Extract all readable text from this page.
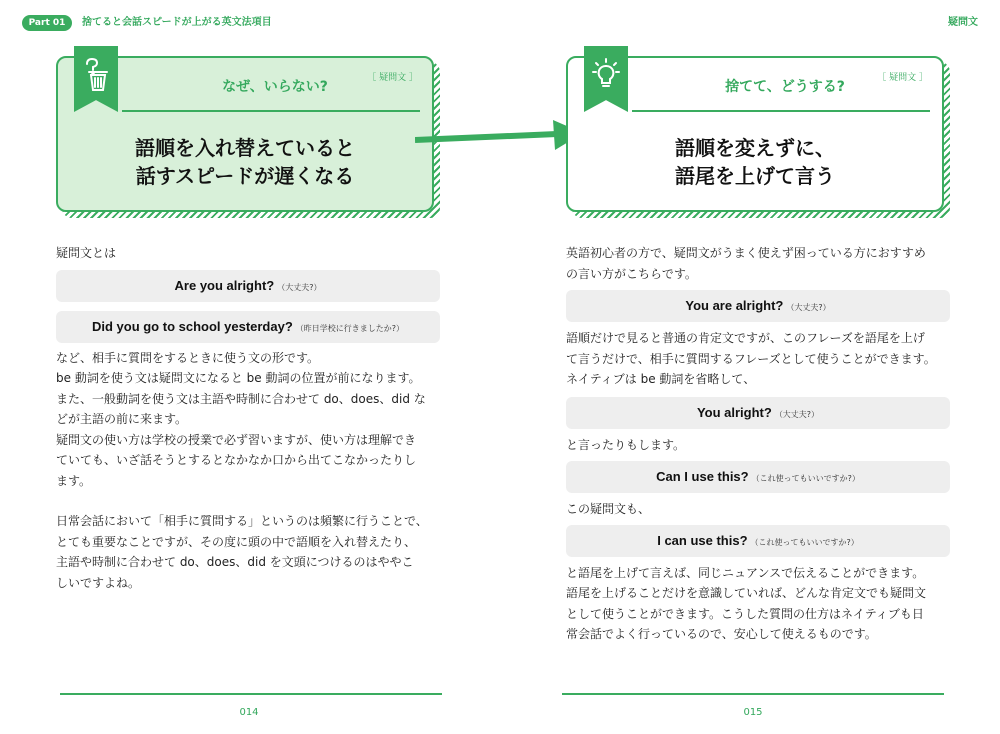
Part 01	捨てると会話スピードが上がる英文法項目	疑問文
なぜ、いらない?
［ 疑問文 ］
語順を入れ替えていると
話すスピードが遅くなる
捨てて、どうする?
［ 疑問文 ］
語順を変えずに、
語尾を上げて言う

疑問文とは

Are you alright? （大丈夫?）
Did you go to school yesterday? （昨日学校に行きましたか?）

など、相手に質問をするときに使う文の形です。

be 動詞を使う文は疑問文になると be 動詞の位置が前になります。

また、一般動詞を使う文は主語や時制に合わせて do、does、did な

どが主語の前に来ます。

疑問文の使い方は学校の授業で必ず習いますが、使い方は理解でき

ていても、いざ話そうとするとなかなか口から出てこなかったりし

ます。

日常会話において「相手に質問する」というのは頻繁に行うことで、

とても重要なことですが、その度に頭の中で語順を入れ替えたり、

主語や時制に合わせて do、does、did を文頭につけるのはややこ

しいですよね。

英語初心者の方で、疑問文がうまく使えず困っている方におすすめ

の言い方がこちらです。

You are alright? （大丈夫?）

語順だけで見ると普通の肯定文ですが、このフレーズを語尾を上げ

て言うだけで、相手に質問するフレーズとして使うことができます。

ネイティブは be 動詞を省略して、

You alright? （大丈夫?）

と言ったりもします。

Can I use this? （これ使ってもいいですか?）

この疑問文も、

I can use this? （これ使ってもいいですか?）

と語尾を上げて言えば、同じニュアンスで伝えることができます。

語尾を上げることだけを意識していれば、どんな肯定文でも疑問文

として使うことができます。こうした質問の仕方はネイティブも日

常会話でよく行っているので、安心して使えるものです。

014	015
